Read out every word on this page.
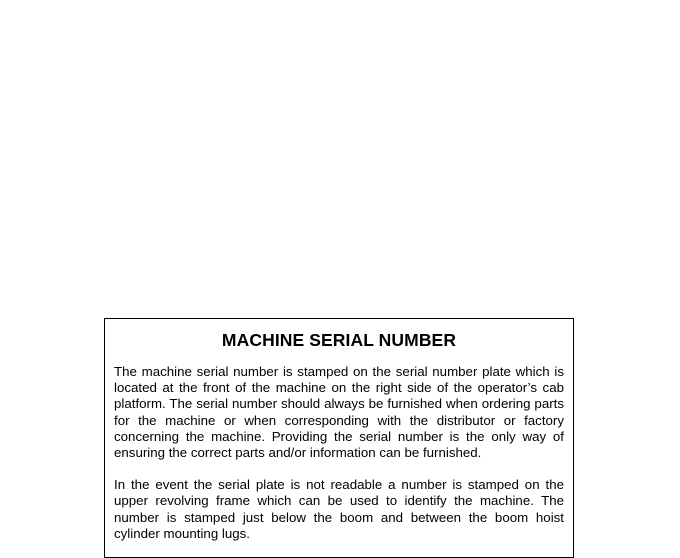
MACHINE SERIAL NUMBER

The machine serial number is stamped on the serial number plate which is located at the front of the machine on the right side of the operator’s cab platform. The serial number should always be furnished when ordering parts for the machine or when corresponding with the distributor or factory concerning the machine. Providing the serial number is the only way of ensuring the correct parts and/or information can be furnished.

In the event the serial plate is not readable a number is stamped on the upper revolving frame which can be used to identify the machine. The number is stamped just below the boom and between the boom hoist cylinder mounting lugs.
